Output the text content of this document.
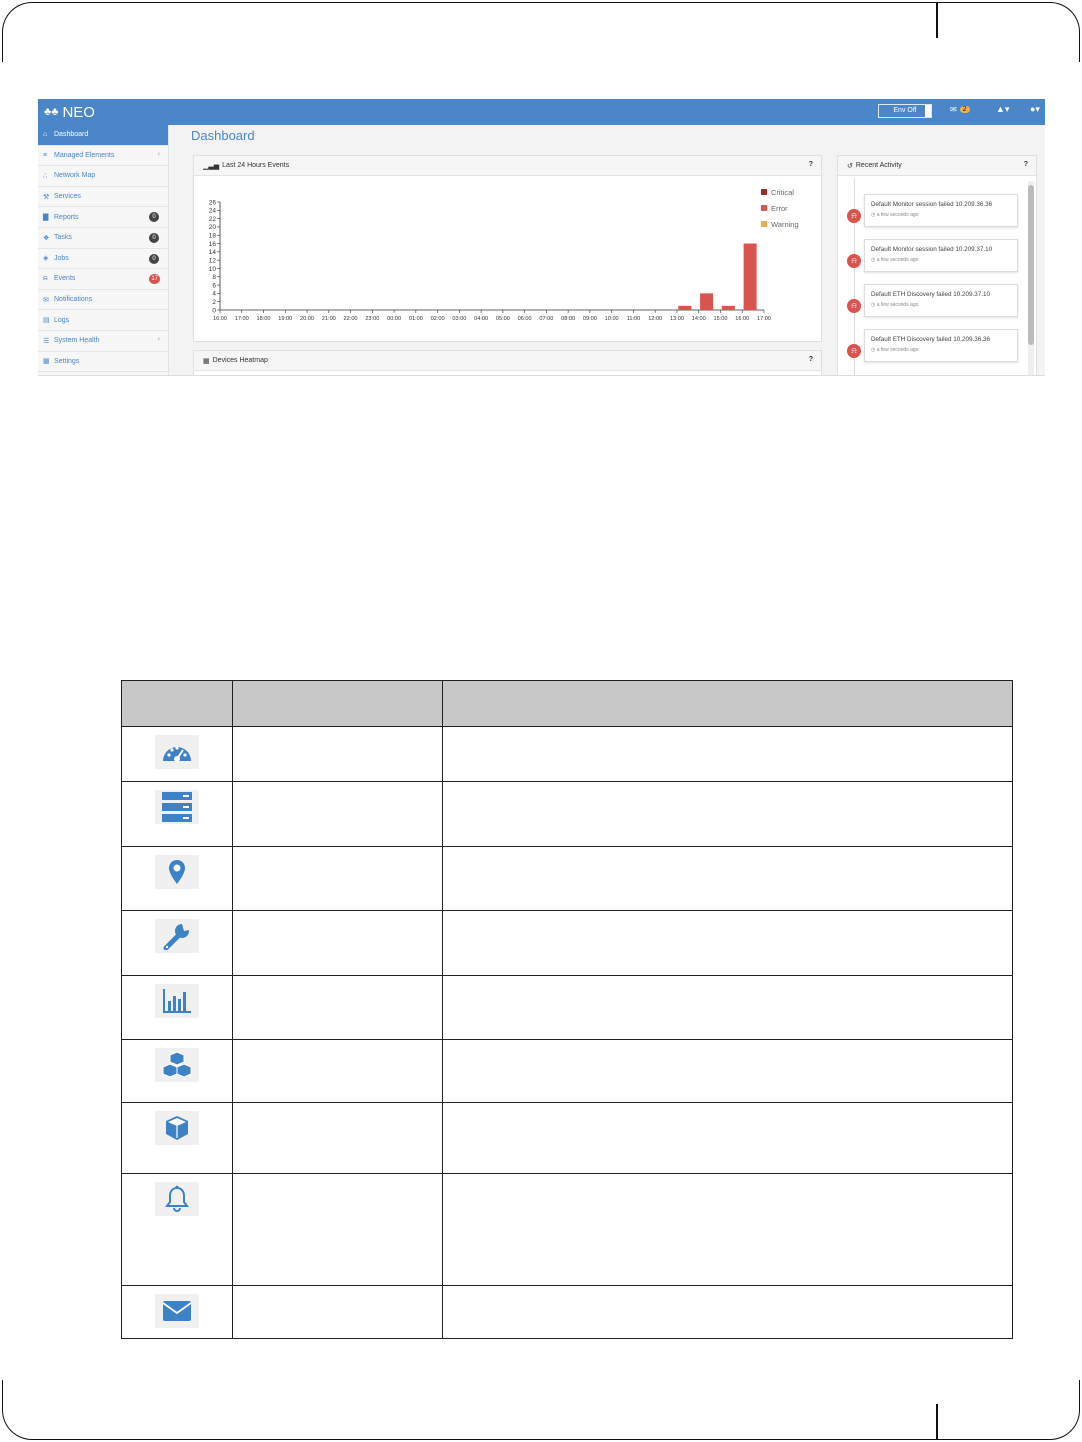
♣♣ NEO	Env Off	✉ 2	▲▾ ●▾
⌂ Dashboard
≡ Managed Elements	‹
∴ Network Map
⚒ Services
▇ Reports	0
❖ Tasks	0
◈ Jobs	0
⍾ Events	17
✉ Notifications
▤ Logs
☰ System Health	‹
▦ Settings
Dashboard
▁▃▅ Last 24 Hours Events	?
0
2
4
6
8
10
12
14
16
18
20
22
24
26
16:00 17:00 18:00 19:00 20:00 21:00 22:00 23:00 00:00 01:00 02:00 03:00 04:00 05:00 06:00 07:00 08:00 09:00 10:00 11:00 12:00 13:00 14:00 15:00 16:00 17:00
Critical
Error
Warning
▦ Devices Heatmap	?
↺ Recent Activity	?
⍾
Default Monitor session failed 10.209.36.36
◷ a few seconds ago
⍾
Default Monitor session failed 10.209.37.10
◷ a few seconds ago
⍾
Default ETH Discovery failed 10.209.37.10
◷ a few seconds ago
⍾
Default ETH Discovery failed 10.209.36.36
◷ a few seconds ago
